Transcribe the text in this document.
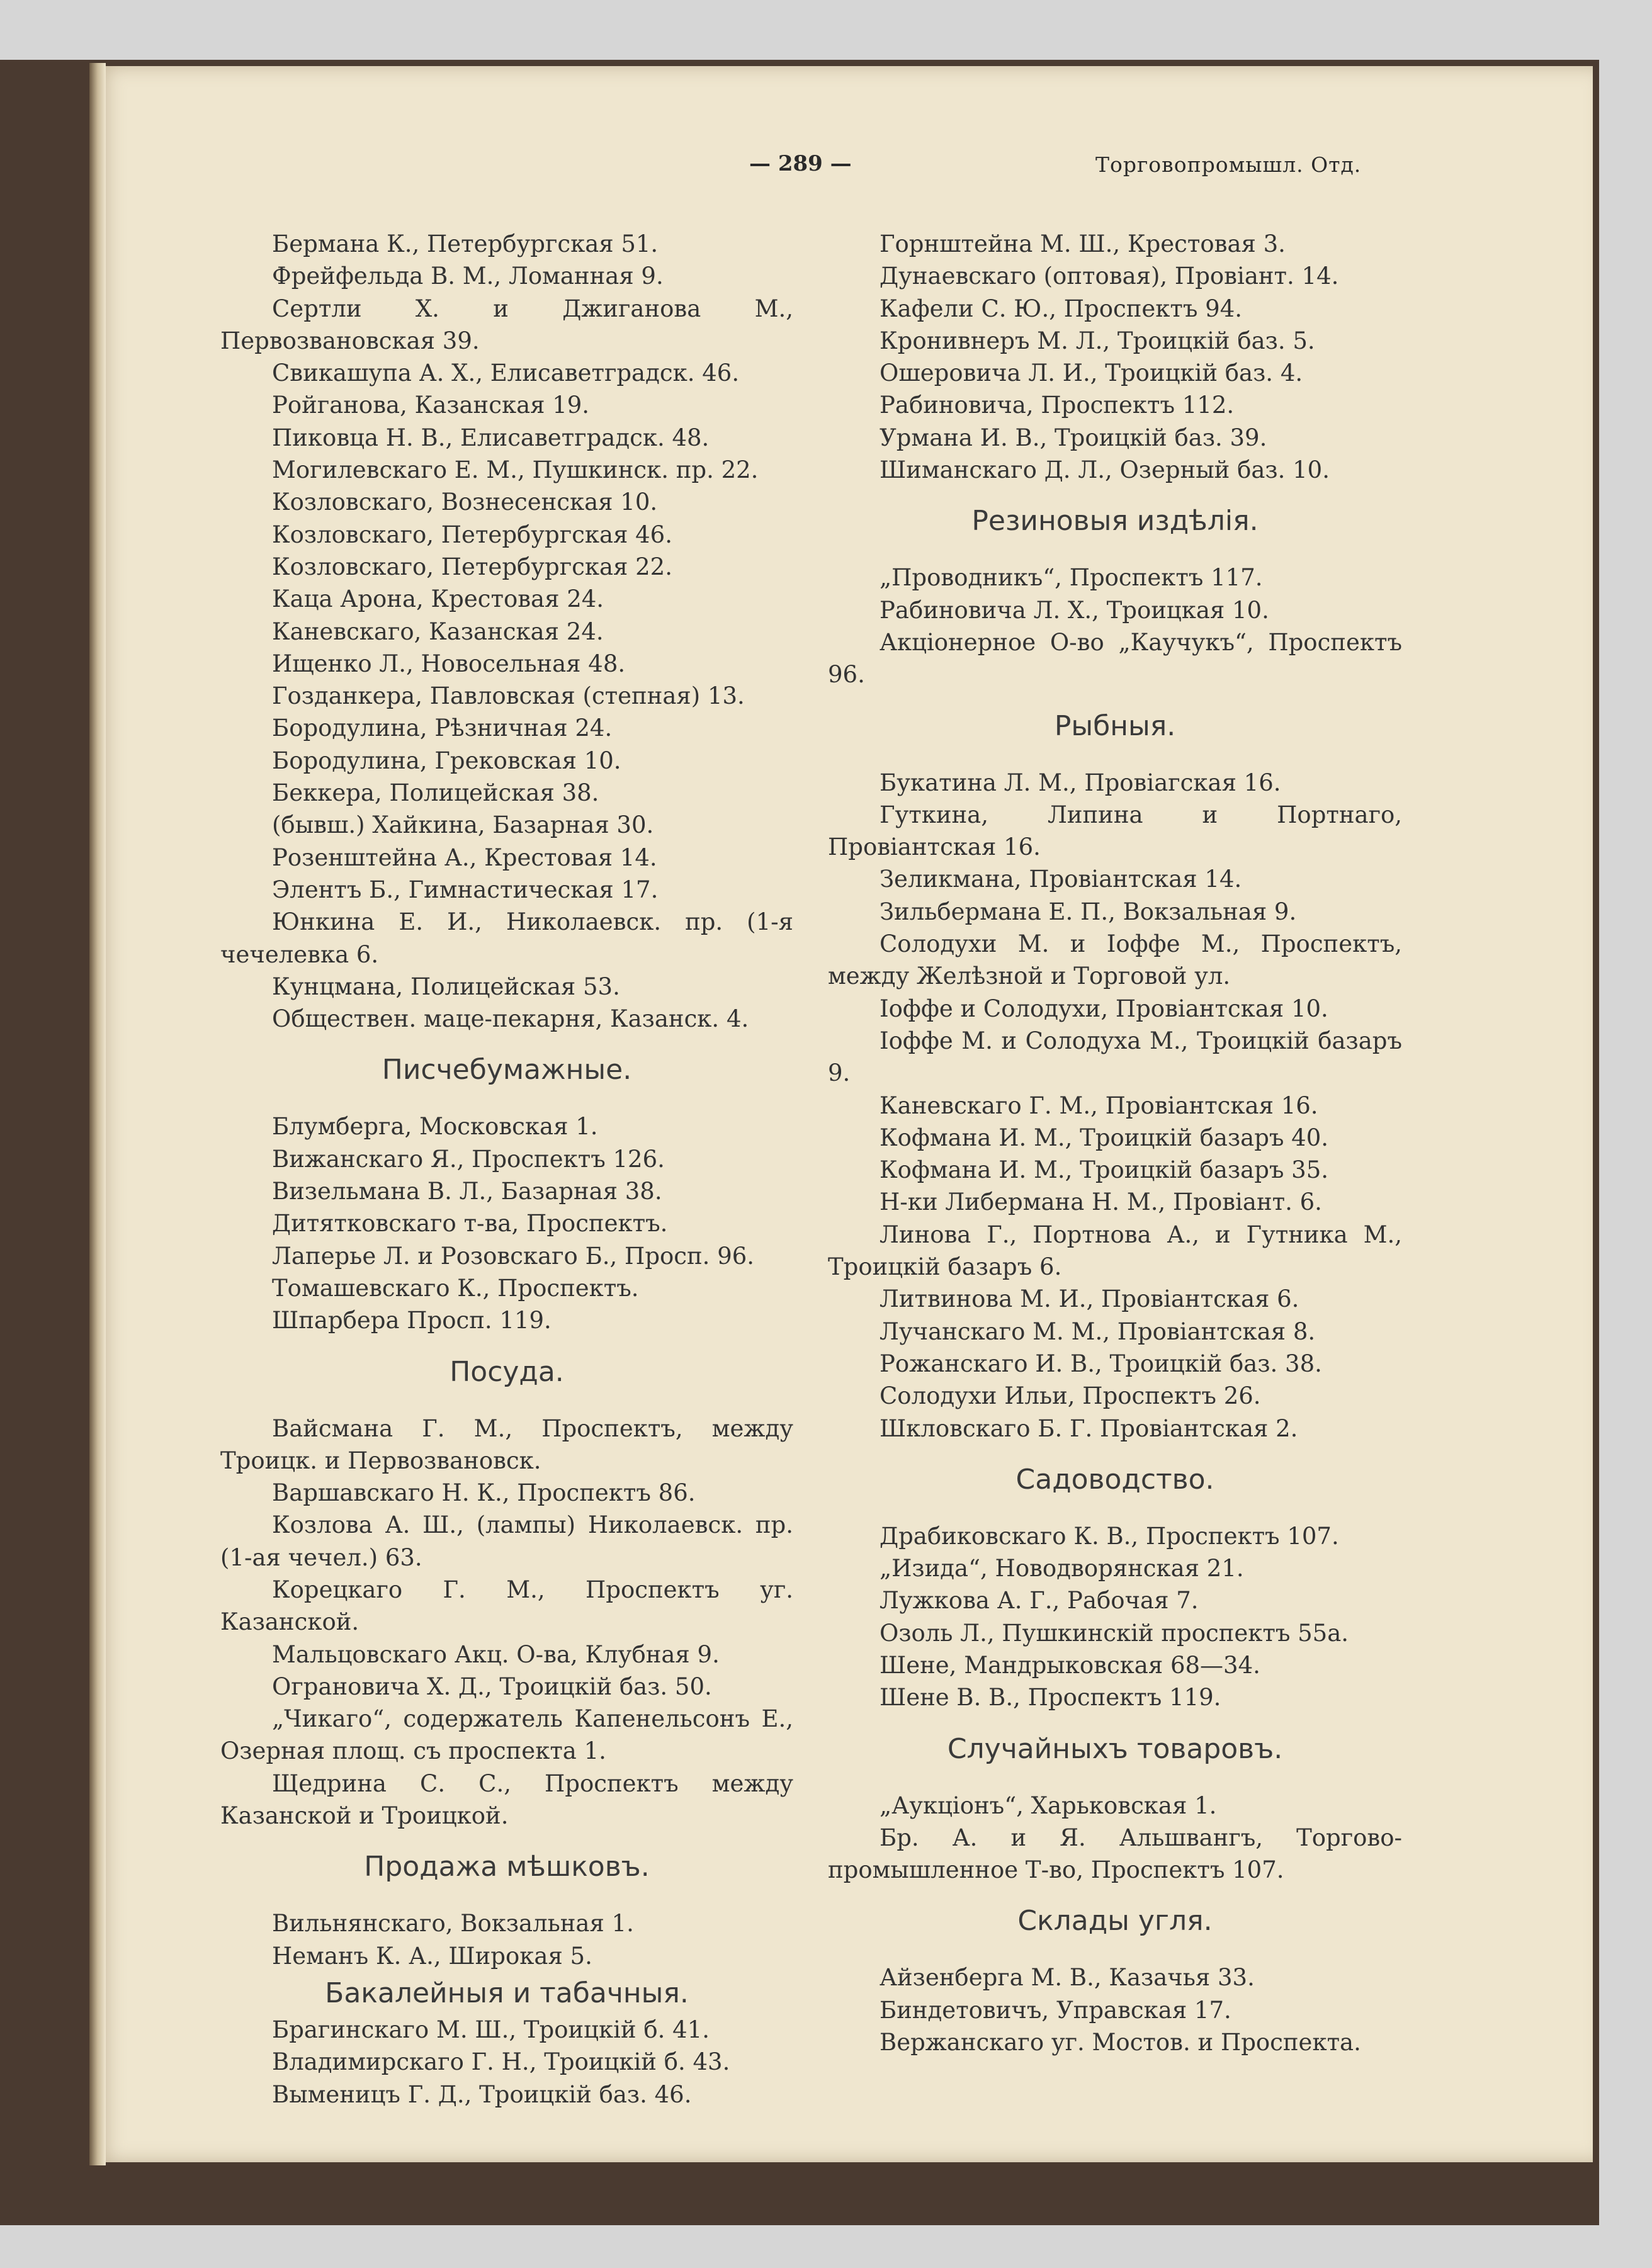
— 289 —	Торговопромышл. Отд.

Бермана К., Петербургская 51.

Фрейфельда В. М., Ломанная 9.

Сертли Х. и Джиганова М., Первозвановская 39.

Свикашупа А. Х., Елисаветградск. 46.

Ройганова, Казанская 19.

Пиковца Н. В., Елисаветградск. 48.

Могилевскаго Е. М., Пушкинск. пр. 22.

Козловскаго, Вознесенская 10.

Козловскаго, Петербургская 46.

Козловскаго, Петербургская 22.

Каца Арона, Крестовая 24.

Каневскаго, Казанская 24.

Ищенко Л., Новосельная 48.

Гозданкера, Павловская (степная) 13.

Бородулина, Рѣзничная 24.

Бородулина, Грековская 10.

Беккера, Полицейская 38.

(бывш.) Хайкина, Базарная 30.

Розенштейна А., Крестовая 14.

Элентъ Б., Гимнастическая 17.

Юнкина Е. И., Николаевск. пр. (1-я чечелевка 6.

Кунцмана, Полицейская 53.

Обществен. маце-пекарня, Казанск. 4.

Писчебумажные.

Блумберга, Московская 1.

Вижанскаго Я., Проспектъ 126.

Визельмана В. Л., Базарная 38.

Дитятковскаго т-ва, Проспектъ.

Лаперье Л. и Розовскаго Б., Просп. 96.

Томашевскаго К., Проспектъ.

Шпарбера Просп. 119.

Посуда.

Вайсмана Г. М., Проспектъ, между Троицк. и Первозвановск.

Варшавскаго Н. К., Проспектъ 86.

Козлова А. Ш., (лампы) Николаевск. пр. (1-ая чечел.) 63.

Корецкаго Г. М., Проспектъ уг. Казанской.

Мальцовскаго Акц. О-ва, Клубная 9.

Ограновича Х. Д., Троицкій баз. 50.

„Чикаго“, содержатель Капенельсонъ Е., Озерная площ. съ проспекта 1.

Щедрина С. С., Проспектъ между Казанской и Троицкой.

Продажа мѣшковъ.

Вильнянскаго, Вокзальная 1.

Неманъ К. А., Широкая 5.

Бакалейныя и табачныя.

Брагинскаго М. Ш., Троицкій б. 41.

Владимирскаго Г. Н., Троицкій б. 43.

Выменицъ Г. Д., Троицкій баз. 46.

Горнштейна М. Ш., Крестовая 3.

Дунаевскаго (оптовая), Провіант. 14.

Кафели С. Ю., Проспектъ 94.

Кронивнеръ М. Л., Троицкій баз. 5.

Ошеровича Л. И., Троицкій баз. 4.

Рабиновича, Проспектъ 112.

Урмана И. В., Троицкій баз. 39.

Шиманскаго Д. Л., Озерный баз. 10.

Резиновыя издѣлія.

„Проводникъ“, Проспектъ 117.

Рабиновича Л. Х., Троицкая 10.

Акціонерное О-во „Каучукъ“, Проспектъ 96.

Рыбныя.

Букатина Л. М., Провіагская 16.

Гуткина, Липина и Портнаго, Провіантская 16.

Зеликмана, Провіантская 14.

Зильбермана Е. П., Вокзальная 9.

Солодухи М. и Іоффе М., Проспектъ, между Желѣзной и Торговой ул.

Іоффе и Солодухи, Провіантская 10.

Іоффе М. и Солодуха М., Троицкій базаръ 9.

Каневскаго Г. М., Провіантская 16.

Кофмана И. М., Троицкій базаръ 40.

Кофмана И. М., Троицкій базаръ 35.

Н-ки Либермана Н. М., Провіант. 6.

Линова Г., Портнова А., и Гутника М., Троицкій базаръ 6.

Литвинова М. И., Провіантская 6.

Лучанскаго М. М., Провіантская 8.

Рожанскаго И. В., Троицкій баз. 38.

Солодухи Ильи, Проспектъ 26.

Шкловскаго Б. Г. Провіантская 2.

Садоводство.

Драбиковскаго К. В., Проспектъ 107.

„Изида“, Новодворянская 21.

Лужкова А. Г., Рабочая 7.

Озоль Л., Пушкинскій проспектъ 55а.

Шене, Мандрыковская 68—34.

Шене В. В., Проспектъ 119.

Случайныхъ товаровъ.

„Аукціонъ“, Харьковская 1.

Бр. А. и Я. Альшвангъ, Торгово-промышленное Т-во, Проспектъ 107.

Склады угля.

Айзенберга М. В., Казачья 33.

Биндетовичъ, Управская 17.

Вержанскаго уг. Мостов. и Проспекта.
